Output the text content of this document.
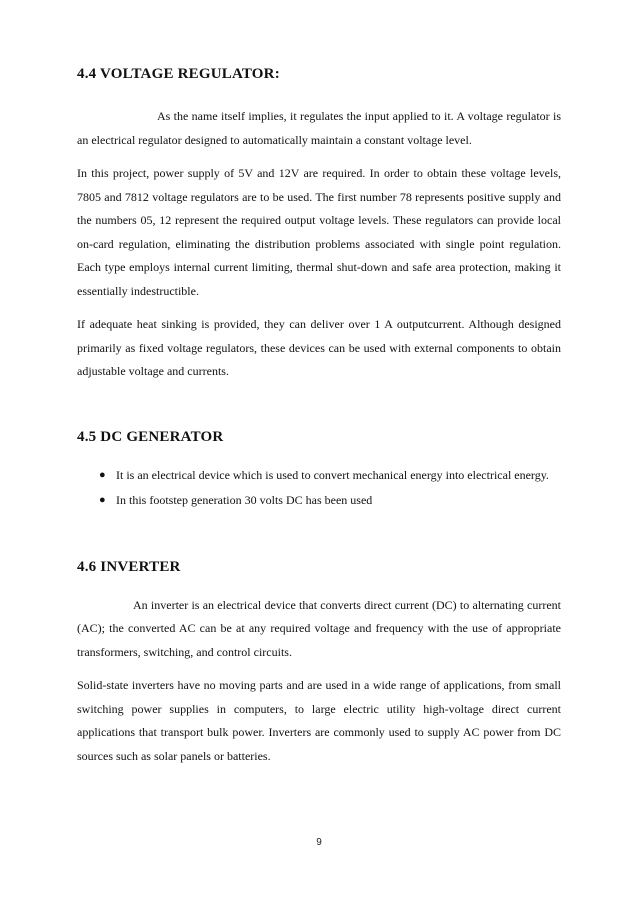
4.4 VOLTAGE REGULATOR:

As the name itself implies, it regulates the input applied to it. A voltage regulator is an electrical regulator designed to automatically maintain a constant voltage level.

In this project, power supply of 5V and 12V are required. In order to obtain these voltage levels, 7805 and 7812 voltage regulators are to be used. The first number 78 represents positive supply and the numbers 05, 12 represent the required output voltage levels. These regulators can provide local on-card regulation, eliminating the distribution problems associated with single point regulation. Each type employs internal current limiting, thermal shut-down and safe area protection, making it essentially indestructible.

If adequate heat sinking is provided, they can deliver over 1 A outputcurrent. Although designed primarily as fixed voltage regulators, these devices can be used with external components to obtain adjustable voltage and currents.

4.5 DC GENERATOR
● It is an electrical device which is used to convert mechanical energy into electrical energy.
● In this footstep generation 30 volts DC has been used
4.6 INVERTER

An inverter is an electrical device that converts direct current (DC) to alternating current (AC); the converted AC can be at any required voltage and frequency with the use of appropriate transformers, switching, and control circuits.

Solid-state inverters have no moving parts and are used in a wide range of applications, from small switching power supplies in computers, to large electric utility high-voltage direct current applications that transport bulk power. Inverters are commonly used to supply AC power from DC sources such as solar panels or batteries.

9
